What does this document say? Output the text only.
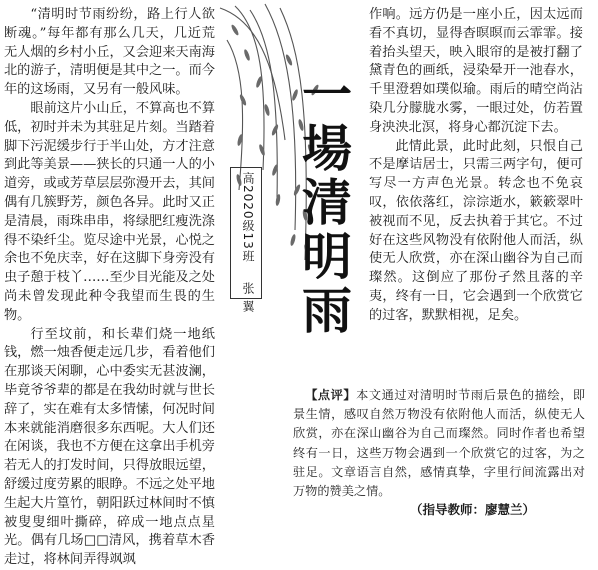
“清明时节雨纷纷，路上行人欲断魂。”每年都有那么几天，几近荒无人烟的乡村小丘，又会迎来天南海北的游子，清明便是其中之一。而今年的这场雨，又另有一般风味。

眼前这片小山丘，不算高也不算低，初时并未为其驻足片刻。当踏着脚下污泥缓步行于半山处，方才注意到此等美景——狭长的只通一人的小道旁，或或芳草层层弥漫开去，其间偶有几簇野芳，颜色各异。此时又正是清晨，雨珠串串，将绿肥红瘦洗涤得不染纤尘。览尽途中光景，心悦之余也不免庆幸，好在这脚下身旁没有虫子憩于枝丫……至少目光能及之处尚未曾发现此种令我望而生畏的生物。

行至坟前，和长辈们烧一地纸钱，燃一烛香便走远几步，看着他们在那谈天闲聊，心中委实无甚波澜，毕竟爷爷辈的都是在我幼时就与世长辞了，实在难有太多情愫，何况时间本来就能消磨很多东西呢。大人们还在闲谈，我也不方便在这拿出手机旁若无人的打发时间，只得放眼远望，舒缓过度劳累的眼睁。不远之处平地生起大片篁竹，朝阳跃过林间时不慎被叟叟细叶撕碎，碎成一地点点星光。偶有几场□□清风，携着草木香走过，将林间弄得飒飒

高2020级13班    张 翼 一場清明雨

作响。远方仍是一座小丘，因太远而看不真切，显得杳暝暝而云霏霏。接着抬头望天，映入眼帘的是被打翻了黛青色的画纸，浸染晕开一池春水，千里澄碧如璞似瑜。雨后的晴空尚沾染几分朦胧水雾，一眼过处，仿若置身泱泱北溟，将身心都沉淀下去。

此情此景，此时此刻，只恨自己不是摩诘居士，只需三两字句，便可写尽一方声色光景。转念也不免哀叹，依依落红，淙淙逝水，簌簌翠叶被视而不见，反去执着于其它。不过好在这些风物没有依附他人而活，纵使无人欣赏，亦在深山幽谷为自己而璨然。这倒应了那份孑然且落的辛夷，终有一日，它会遇到一个欣赏它的过客，默默相视，足矣。

【点评】本文通过对清明时节雨后景色的描绘，即景生情，感叹自然万物没有依附他人而活，纵使无人欣赏，亦在深山幽谷为自己而璨然。同时作者也希望终有一日，这些万物会遇到一个欣赏它的过客，为之驻足。文章语言自然，感情真挚，字里行间流露出对万物的赞美之情。

（指导教师：廖慧兰）
